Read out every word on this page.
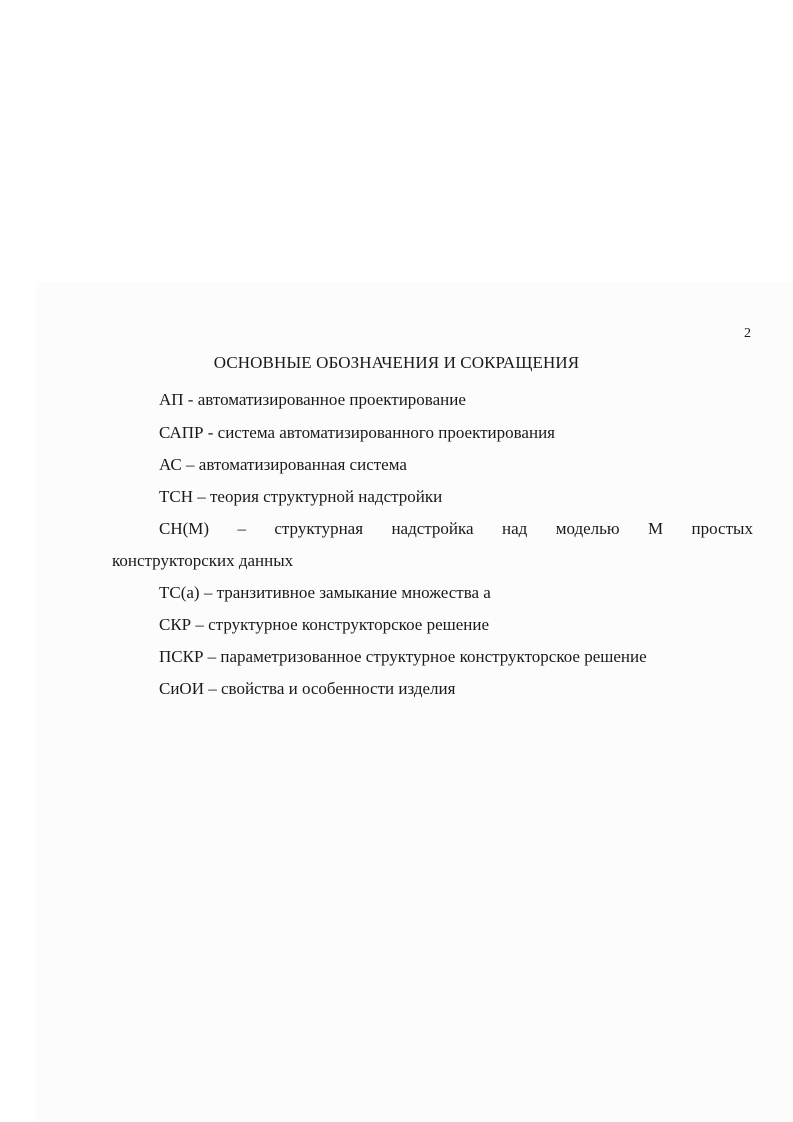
2
ОСНОВНЫЕ ОБОЗНАЧЕНИЯ И СОКРАЩЕНИЯ
АП - автоматизированное проектирование
САПР - система автоматизированного проектирования
АС – автоматизированная система
ТСН – теория структурной надстройки
СН(М) – структурная надстройка над моделью М простых
конструкторских данных
ТС(а) – транзитивное замыкание множества а
СКР – структурное конструкторское решение
ПСКР – параметризованное структурное конструкторское решение
СиОИ – свойства и особенности изделия
